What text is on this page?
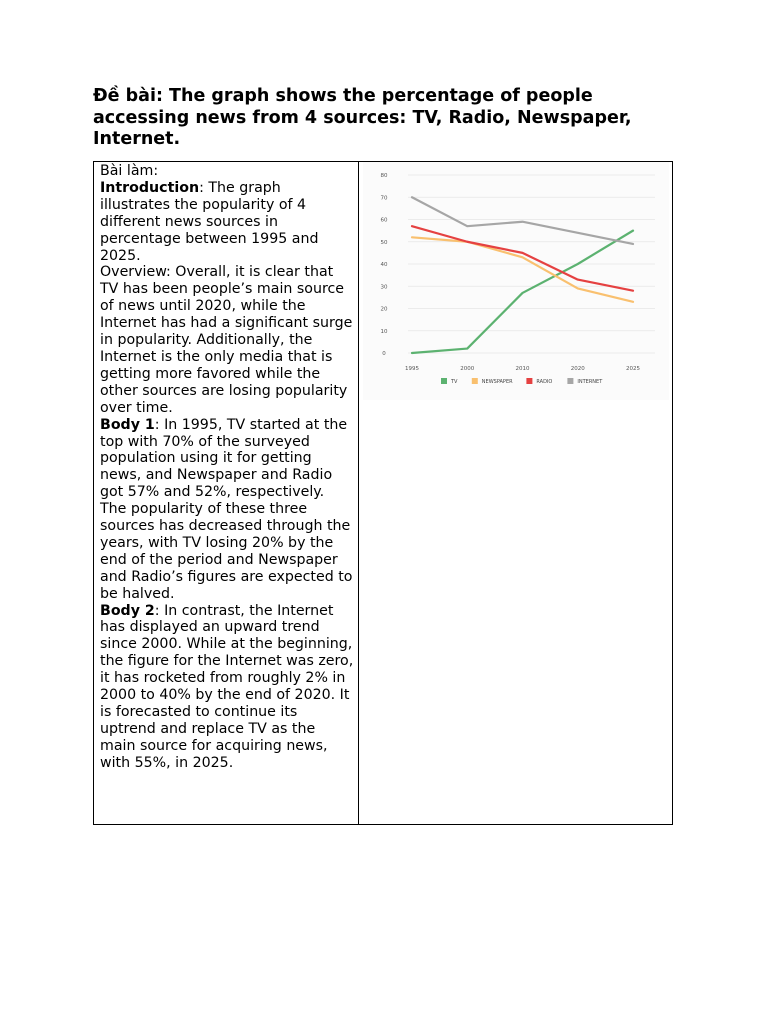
Đề bài: The graph shows the percentage of people accessing news from 4 sources: TV, Radio, Newspaper, Internet.

Bài làm:

Introduction: The graph illustrates the popularity of 4 different news sources in percentage between 1995 and 2025.

Overview: Overall, it is clear that TV has been people’s main source of news until 2020, while the Internet has had a significant surge in popularity. Additionally, the Internet is the only media that is getting more favored while the other sources are losing popularity over time.

Body 1: In 1995, TV started at the top with 70% of the surveyed population using it for getting news, and Newspaper and Radio got 57% and 52%, respectively. The popularity of these three sources has decreased through the years, with TV losing 20% by the end of the period and Newspaper and Radio’s figures are expected to be halved.

Body 2: In contrast, the Internet has displayed an upward trend since 2000. While at the beginning, the figure for the Internet was zero, it has rocketed from roughly 2% in 2000 to 40% by the end of 2020. It is forecasted to continue its uptrend and replace TV as the main source for acquiring news, with 55%, in 2025.

0
10
20
30
40
50
60
70
80
1995	2000	2010	2020	2025
TV	NEWSPAPER	RADIO	INTERNET
